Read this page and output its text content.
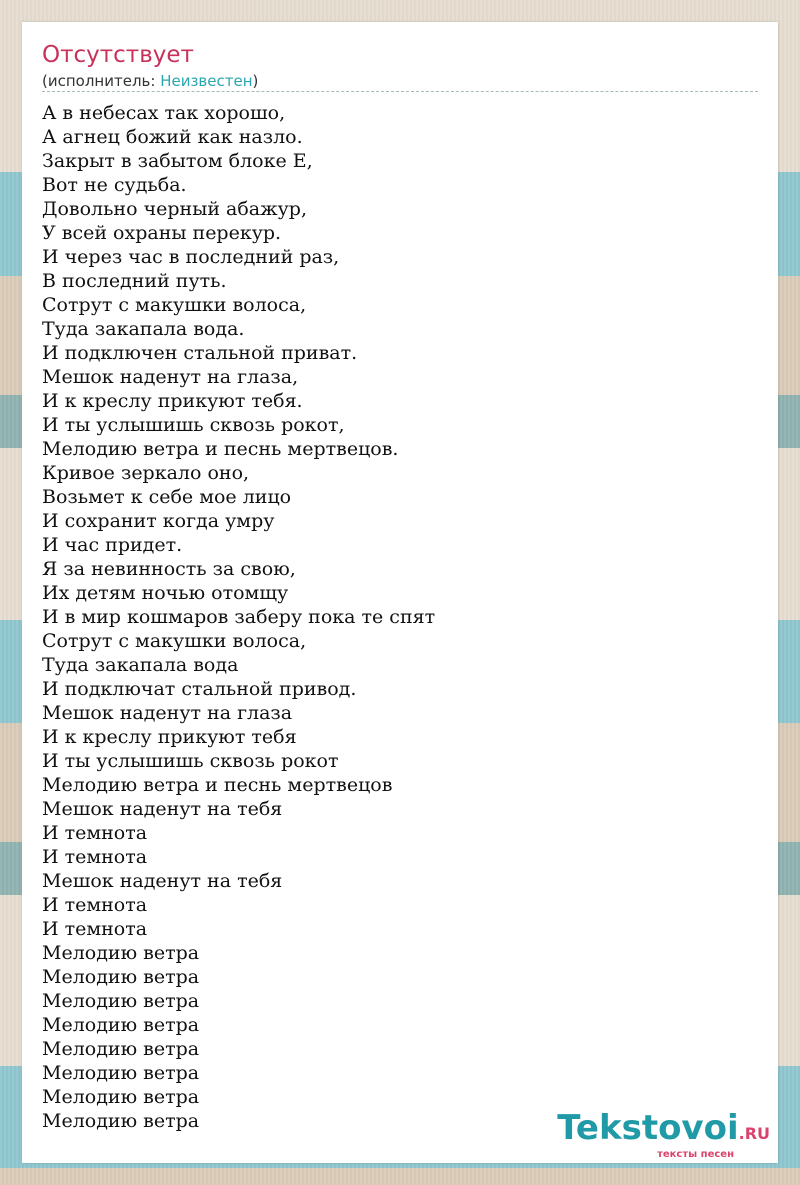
Отсутствует
(исполнитель: Неизвестен)
А в небесах так хорошо,
А агнец божий как назло.
Закрыт в забытом блоке Е,
Вот не судьба.
Довольно черный абажур,
У всей охраны перекур.
И через час в последний раз,
В последний путь.
Сотрут с макушки волоса,
Туда закапала вода.
И подключен стальной приват.
Мешок наденут на глаза,
И к креслу прикуют тебя.
И ты услышишь сквозь рокот,
Мелодию ветра и песнь мертвецов.
Кривое зеркало оно,
Возьмет к себе мое лицо
И сохранит когда умру
И час придет.
Я за невинность за свою,
Их детям ночью отомщу
И в мир кошмаров заберу пока те спят
Сотрут с макушки волоса,
Туда закапала вода
И подключат стальной привод.
Мешок наденут на глаза
И к креслу прикуют тебя
И ты услышишь сквозь рокот
Мелодию ветра и песнь мертвецов
Мешок наденут на тебя
И темнота
И темнота
Мешок наденут на тебя
И темнота
И темнота
Мелодию ветра
Мелодию ветра
Мелодию ветра
Мелодию ветра
Мелодию ветра
Мелодию ветра
Мелодию ветра
Мелодию ветра	Tekstovoi.RU
тексты песен
